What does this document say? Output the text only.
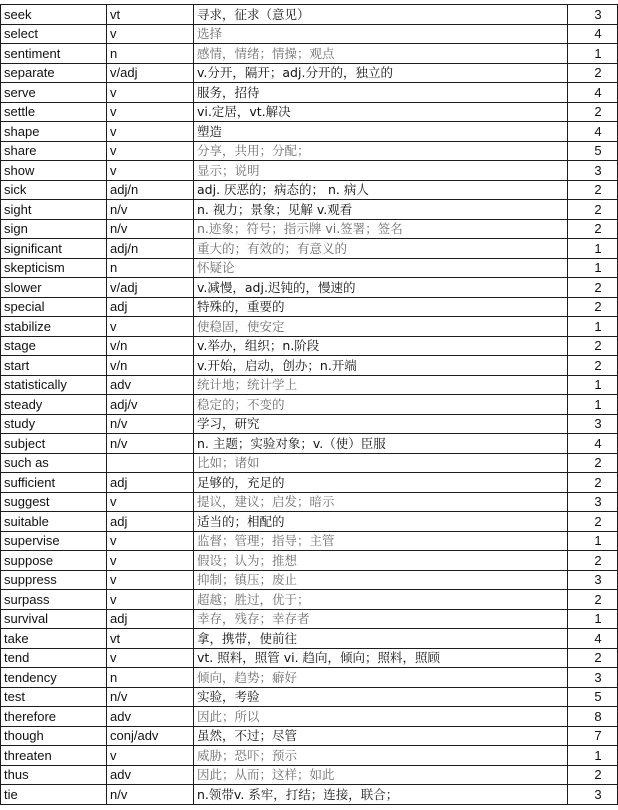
seek	vt	寻求，征求（意见）	3
select	v	选择	4
sentiment	n	感情，情绪；情操；观点	1
separate	v/adj	v.分开，隔开；adj.分开的，独立的	2
serve	v	服务，招待	4
settle	v	vi.定居，vt.解决	2
shape	v	塑造	4
share	v	分享，共用；分配；	5
show	v	显示；说明	3
sick	adj/n	adj. 厌恶的；病态的； n. 病人	2
sight	n/v	n. 视力；景象；见解 v.观看	2
sign	n/v	n.迹象；符号；指示牌 vi.签署；签名	2
significant	adj/n	重大的；有效的；有意义的	1
skepticism	n	怀疑论	1
slower	v/adj	v.减慢，adj.迟钝的，慢速的	2
special	adj	特殊的，重要的	2
stabilize	v	使稳固，使安定	1
stage	v/n	v.举办，组织；n.阶段	2
start	v/n	v.开始，启动，创办；n.开端	2
statistically	adv	统计地；统计学上	1
steady	adj/v	稳定的；不变的	1
study	n/v	学习，研究	3
subject	n/v	n. 主题；实验对象；v.（使）臣服	4
such as		比如；诸如	2
sufficient	adj	足够的，充足的	2
suggest	v	提议，建议；启发；暗示	3
suitable	adj	适当的；相配的	2
supervise	v	监督；管理；指导；主管	1
suppose	v	假设；认为；推想	2
suppress	v	抑制；镇压；废止	3
surpass	v	超越；胜过，优于；	2
survival	adj	幸存，残存；幸存者	1
take	vt	拿，携带，使前往	4
tend	v	vt. 照料，照管 vi. 趋向，倾向；照料，照顾	2
tendency	n	倾向，趋势；癖好	3
test	n/v	实验，考验	5
therefore	adv	因此；所以	8
though	conj/adv	虽然，不过；尽管	7
threaten	v	威胁；恐吓；预示	1
thus	adv	因此；从而；这样；如此	2
tie	n/v	n.领带v. 系牢，打结；连接，联合；	3
